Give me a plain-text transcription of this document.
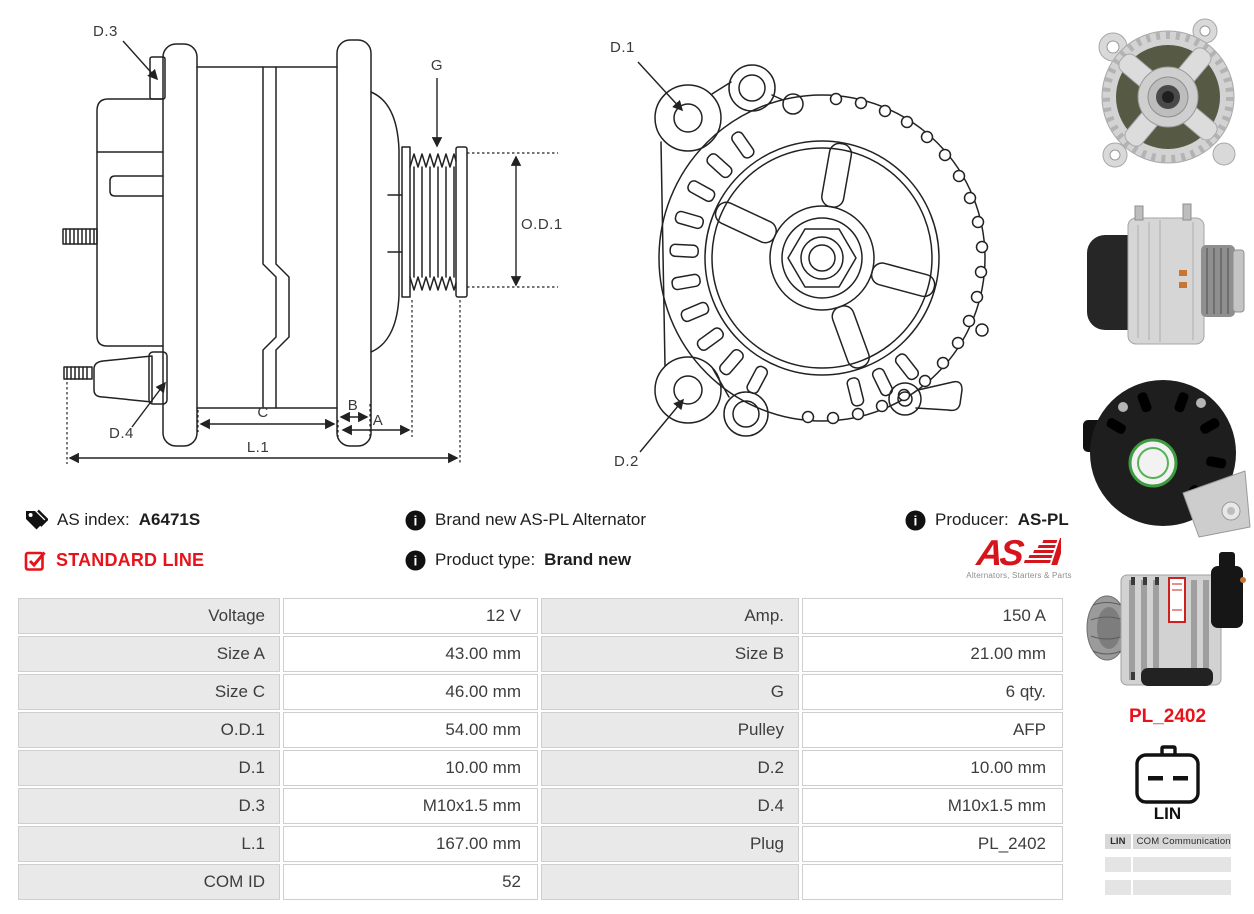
D.3
G
O.D.1
D.4
C	B
A
L.1
D.1
D.2
AS index: A6471S
STANDARD LINE
i Brand new AS-PL Alternator
i Product type: Brand new
i Producer: AS-PL
AS
Alternators, Starters & Parts
Voltage	12 V	Amp.	150 A
Size A	43.00 mm	Size B	21.00 mm
Size C	46.00 mm	G	6 qty.
O.D.1	54.00 mm	Pulley	AFP
D.1	10.00 mm	D.2	10.00 mm
D.3	M10x1.5 mm	D.4	M10x1.5 mm
L.1	167.00 mm	Plug	PL_2402
COM ID	52
PL_2402
LIN
LIN	COM Communication
